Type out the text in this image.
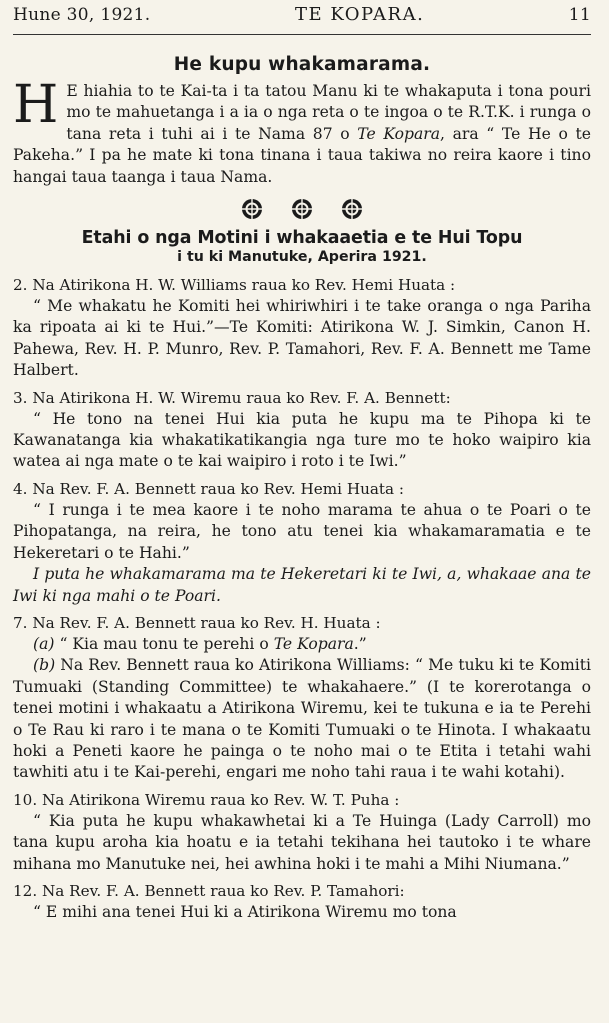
Hune 30, 1921.	TE KOPARA.	11
He kupu whakamarama.

H E hiahia to te Kai-ta i ta tatou Manu ki te whakaputa i tona pouri mo te mahuetanga i a ia o nga reta o te ingoa o te R.T.K. i runga o tana reta i tuhi ai i te Nama 87 o Te Kopara, ara “ Te He o te Pakeha.” I pa he mate ki tona tinana i taua takiwa no reira kaore i tino hangai taua taanga i taua Nama.

Etahi o nga Motini i whakaaetia e te Hui Topu
i tu ki Manutuke, Aperira 1921.

2. Na Atirikona H. W. Williams raua ko Rev. Hemi Huata :

“ Me whakatu he Komiti hei whiriwhiri i te take oranga o nga Pariha ka ripoata ai ki te Hui.”—Te Komiti: Atirikona W. J. Simkin, Canon H. Pahewa, Rev. H. P. Munro, Rev. P. Tamahori, Rev. F. A. Bennett me Tame Halbert.

3. Na Atirikona H. W. Wiremu raua ko Rev. F. A. Bennett:

“ He tono na tenei Hui kia puta he kupu ma te Pihopa ki te Kawanatanga kia whakatikatikangia nga ture mo te hoko waipiro kia watea ai nga mate o te kai waipiro i roto i te Iwi.”

4. Na Rev. F. A. Bennett raua ko Rev. Hemi Huata :

“ I runga i te mea kaore i te noho marama te ahua o te Poari o te Pihopatanga, na reira, he tono atu tenei kia whakamaramatia e te Hekeretari o te Hahi.”

I puta he whakamarama ma te Hekeretari ki te Iwi, a, whakaae ana te Iwi ki nga mahi o te Poari.

7. Na Rev. F. A. Bennett raua ko Rev. H. Huata :

(a) “ Kia mau tonu te perehi o Te Kopara.”

(b) Na Rev. Bennett raua ko Atirikona Williams: “ Me tuku ki te Komiti Tumuaki (Standing Committee) te whakahaere.” (I te korerotanga o tenei motini i whakaatu a Atirikona Wiremu, kei te tukuna e ia te Perehi o Te Rau ki raro i te mana o te Komiti Tumuaki o te Hinota. I whakaatu hoki a Peneti kaore he painga o te noho mai o te Etita i tetahi wahi tawhiti atu i te Kai-perehi, engari me noho tahi raua i te wahi kotahi).

10. Na Atirikona Wiremu raua ko Rev. W. T. Puha :

“ Kia puta he kupu whakawhetai ki a Te Huinga (Lady Carroll) mo tana kupu aroha kia hoatu e ia tetahi tekihana hei tautoko i te whare mihana mo Manutuke nei, hei awhina hoki i te mahi a Mihi Niumana.”

12. Na Rev. F. A. Bennett raua ko Rev. P. Tamahori:

“ E mihi ana tenei Hui ki a Atirikona Wiremu mo tona
